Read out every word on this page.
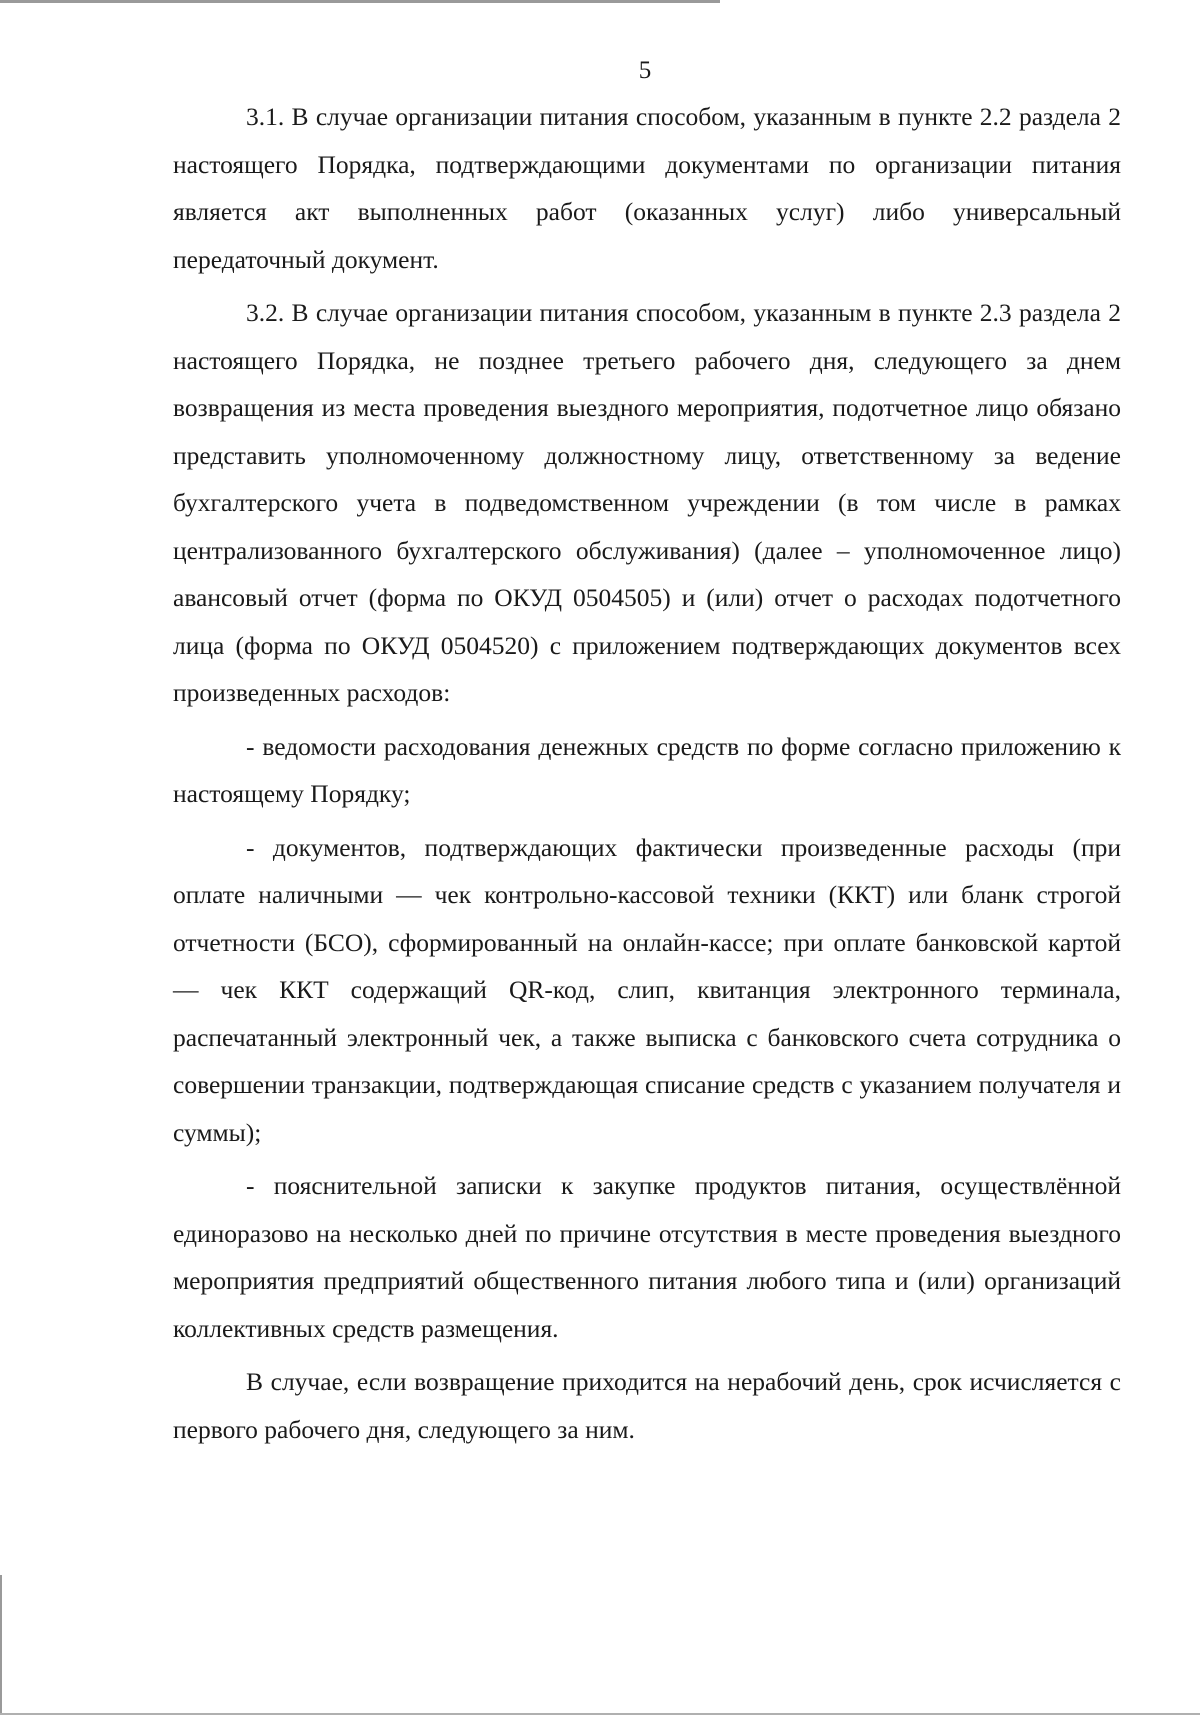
5

3.1. В случае организации питания способом, указанным в пункте 2.2 раздела 2 настоящего Порядка, подтверждающими документами по организации питания является акт выполненных работ (оказанных услуг) либо универсальный передаточный документ.

3.2. В случае организации питания способом, указанным в пункте 2.3 раздела 2 настоящего Порядка, не позднее третьего рабочего дня, следующего за днем возвращения из места проведения выездного мероприятия, подотчетное лицо обязано представить уполномоченному должностному лицу, ответственному за ведение бухгалтерского учета в подведомственном учреждении (в том числе в рамках централизованного бухгалтерского обслуживания) (далее – уполномоченное лицо) авансовый отчет (форма по ОКУД 0504505) и (или) отчет о расходах подотчетного лица (форма по ОКУД 0504520) с приложением подтверждающих документов всех произведенных расходов:

- ведомости расходования денежных средств по форме согласно приложению к настоящему Порядку;

- документов, подтверждающих фактически произведенные расходы (при оплате наличными — чек контрольно-кассовой техники (ККТ) или бланк строгой отчетности (БСО), сформированный на онлайн-кассе; при оплате банковской картой — чек ККТ содержащий QR-код, слип, квитанция электронного терминала, распечатанный электронный чек, а также выписка с банковского счета сотрудника о совершении транзакции, подтверждающая списание средств с указанием получателя и суммы);

- пояснительной записки к закупке продуктов питания, осуществлённой единоразово на несколько дней по причине отсутствия в месте проведения выездного мероприятия предприятий общественного питания любого типа и (или) организаций коллективных средств размещения.

В случае, если возвращение приходится на нерабочий день, срок исчисляется с первого рабочего дня, следующего за ним.
